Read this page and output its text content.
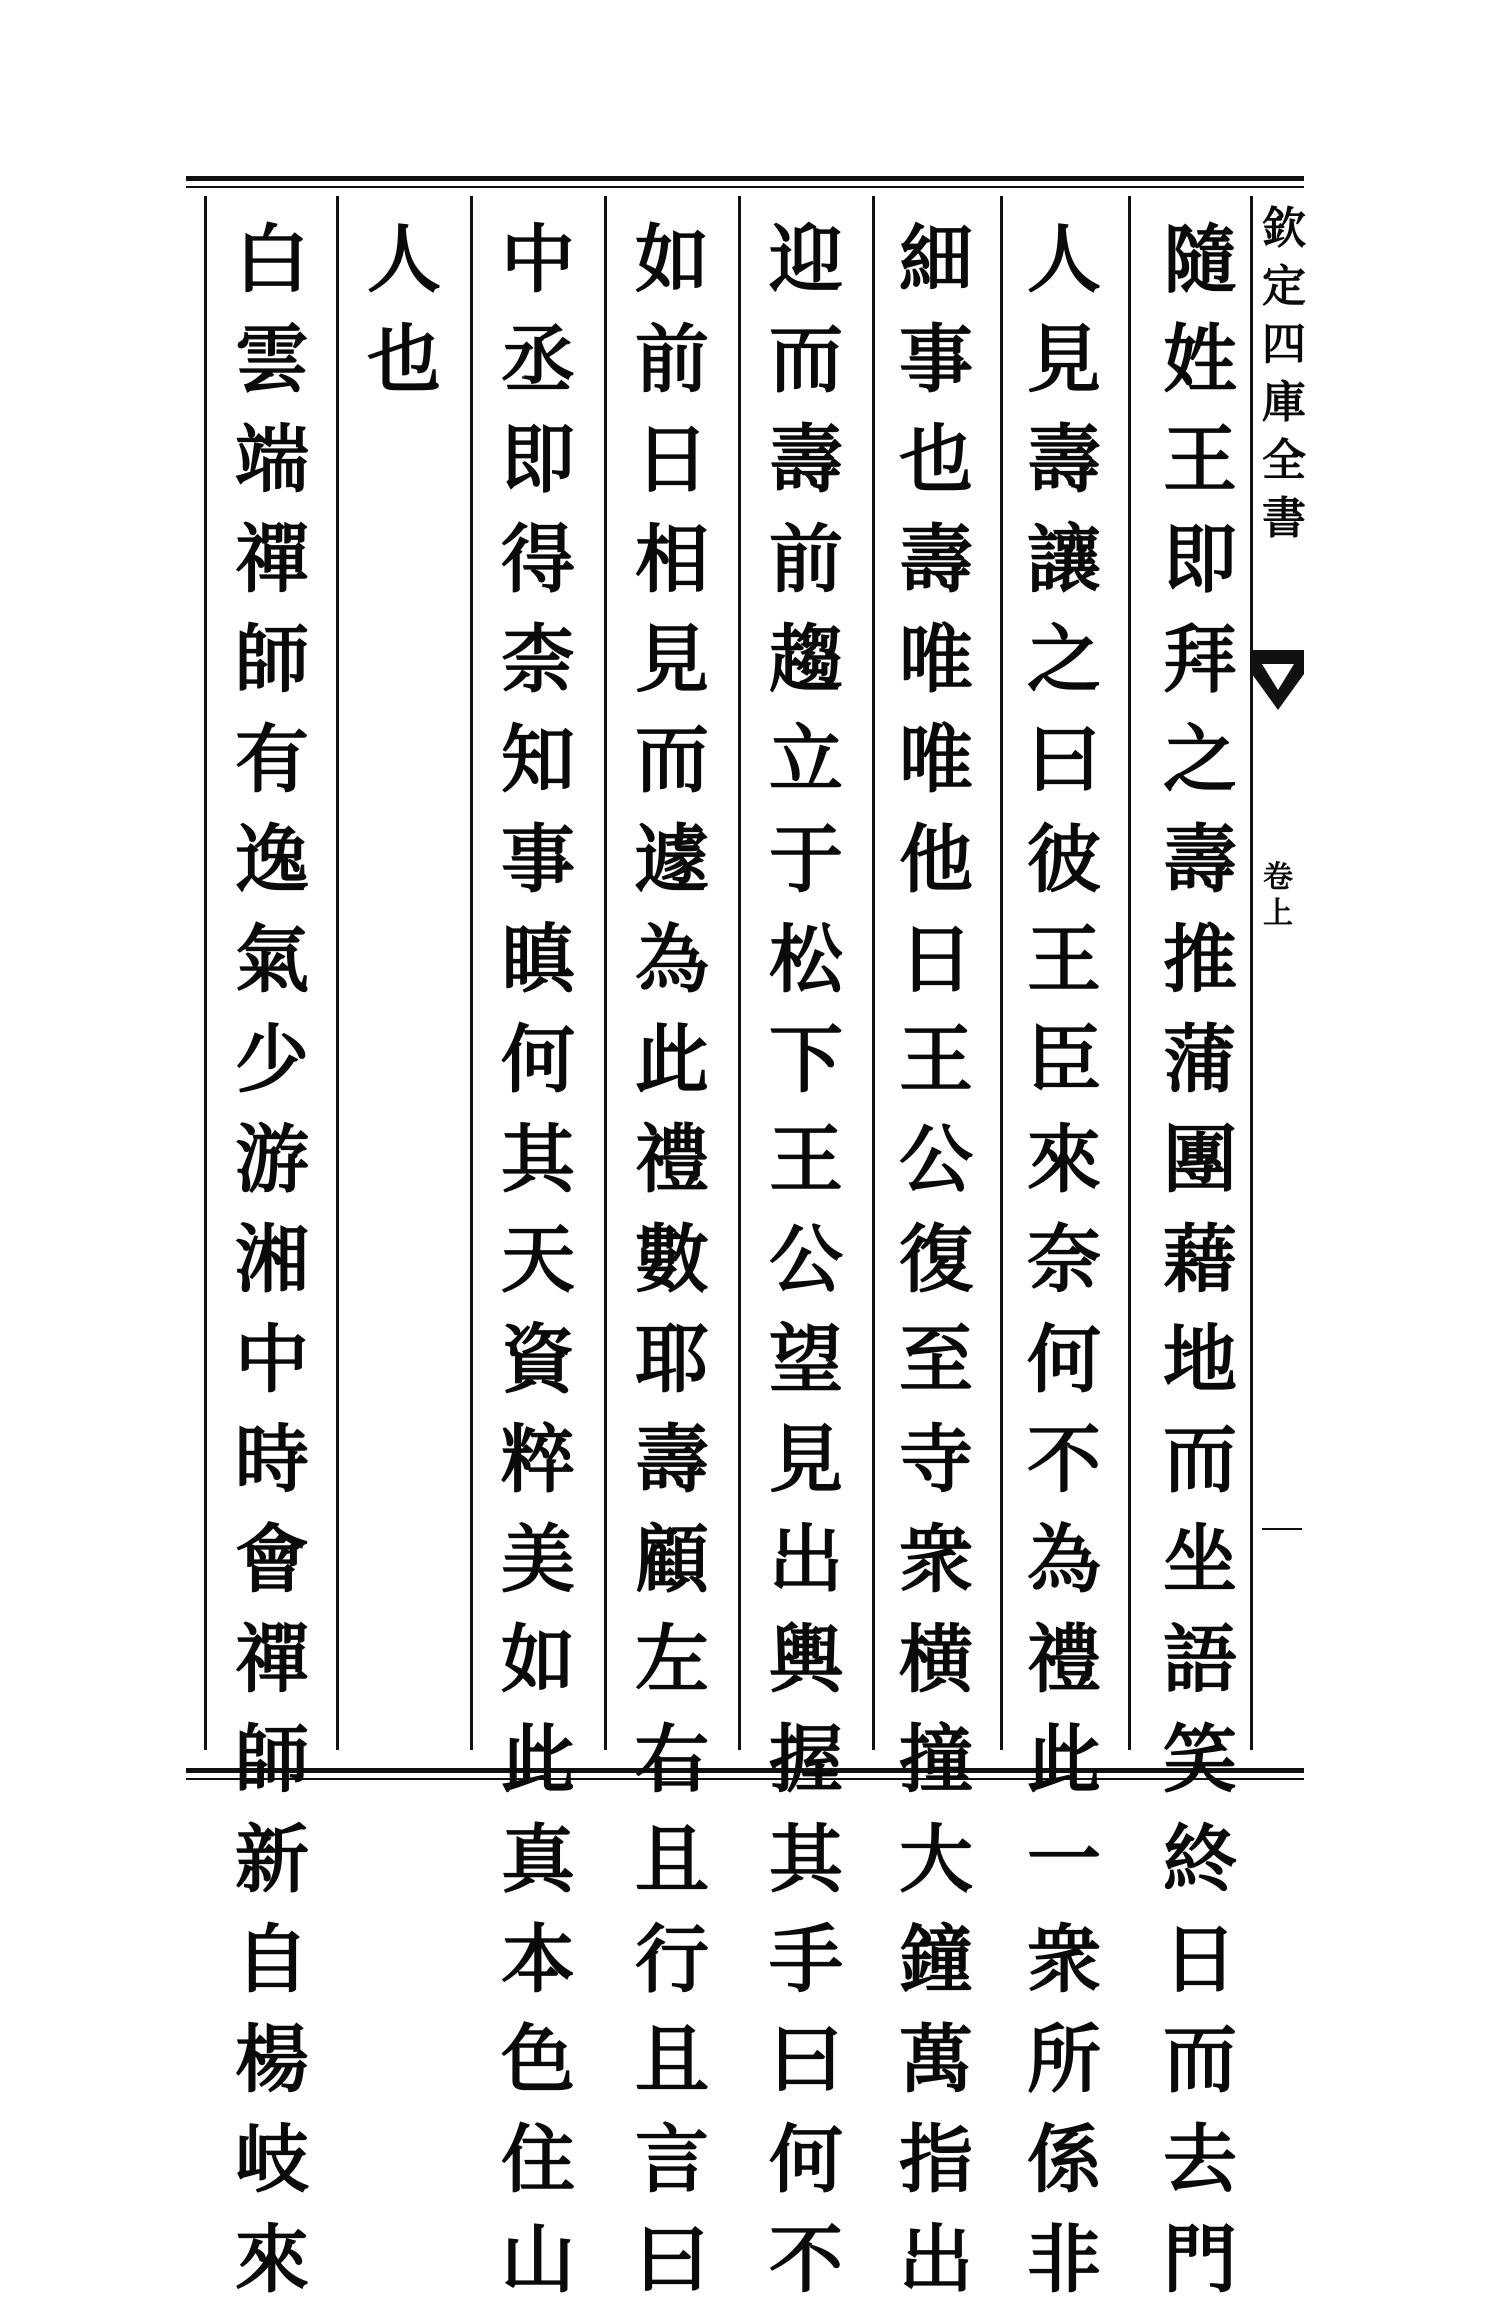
欽
定
四
庫
全
書
卷
上
隨
姓
王
即
拜
之
壽
推
蒲
團
藉
地
而
坐
語
笑
終
日
而
去
門
人
見
壽
讓
之
曰
彼
王
臣
來
奈
何
不
為
禮
此
一
衆
所
係
非
細
事
也
壽
唯
唯
他
日
王
公
復
至
寺
衆
横
撞
大
鐘
萬
指
出
迎
而
壽
前
趨
立
于
松
下
王
公
望
見
出
輿
握
其
手
曰
何
不
如
前
日
相
見
而
遽
為
此
禮
數
耶
壽
顧
左
右
且
行
且
言
曰
中
丞
即
得
柰
知
事
瞋
何
其
天
資
粹
美
如
此
真
本
色
住
山
人
也
白
雲
端
禪
師
有
逸
氣
少
游
湘
中
時
會
禪
師
新
自
楊
岐
來
